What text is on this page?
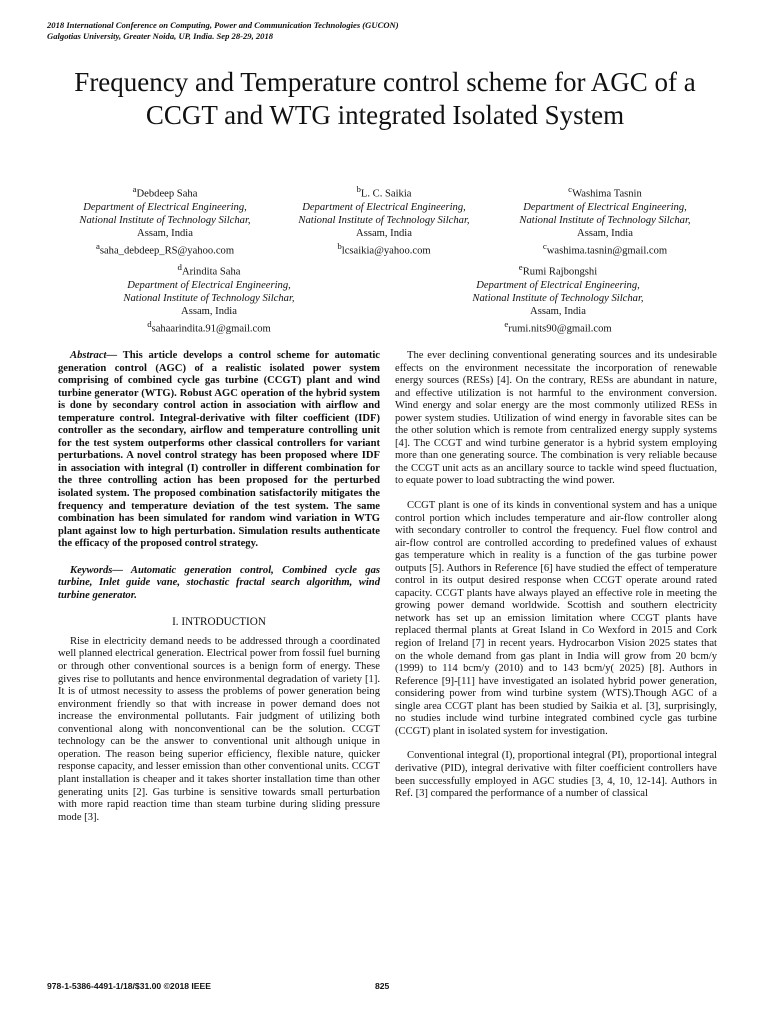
2018 International Conference on Computing, Power and Communication Technologies (GUCON)
Galgotias University, Greater Noida, UP, India. Sep 28-29, 2018
Frequency and Temperature control scheme for AGC of a CCGT and WTG integrated Isolated System
$^a$Debdeep Saha
Department of Electrical Engineering,
National Institute of Technology Silchar,
Assam, India
$^a$saha_debdeep_RS@yahoo.com
$^b$L. C. Saikia
Department of Electrical Engineering,
National Institute of Technology Silchar,
Assam, India
$^b$lcsaikia@yahoo.com
$^c$Washima Tasnin
Department of Electrical Engineering,
National Institute of Technology Silchar,
Assam, India
$^c$washima.tasnin@gmail.com
$^d$Arindita Saha
Department of Electrical Engineering,
National Institute of Technology Silchar,
Assam, India
$^d$sahaarindita.91@gmail.com
$^e$Rumi Rajbongshi
Department of Electrical Engineering,
National Institute of Technology Silchar,
Assam, India
$^e$rumi.nits90@gmail.com

Abstract— This article develops a control scheme for automatic generation control (AGC) of a realistic isolated power system comprising of combined cycle gas turbine (CCGT) plant and wind turbine generator (WTG). Robust AGC operation of the hybrid system is done by secondary control action in association with airflow and temperature control. Integral-derivative with filter coefficient (IDF) controller as the secondary, airflow and temperature controlling unit for the test system outperforms other classical controllers for variant perturbations. A novel control strategy has been proposed where IDF in association with integral (I) controller in different combination for the three controlling action has been proposed for the perturbed isolated system. The proposed combination satisfactorily mitigates the frequency and temperature deviation of the test system. The same combination has been simulated for random wind variation in WTG plant against low to high perturbation. Simulation results authenticate the efficacy of the proposed control strategy.

Keywords— Automatic generation control, Combined cycle gas turbine, Inlet guide vane, stochastic fractal search algorithm, wind turbine generator.

I. INTRODUCTION

Rise in electricity demand needs to be addressed through a coordinated well planned electrical generation. Electrical power from fossil fuel burning or through other conventional sources is a benign form of energy. These gives rise to pollutants and hence environmental degradation of variety [1]. It is of utmost necessity to assess the problems of power generation being environment friendly so that with increase in power demand does not increase the environmental pollutants. Fair judgment of utilizing both conventional along with nonconventional can be the solution. CCGT technology can be the answer to conventional unit although unique in operation. The reason being superior efficiency, flexible nature, quicker response capacity, and lesser emission than other conventional units. CCGT plant installation is cheaper and it takes shorter installation time than other generating units [2]. Gas turbine is sensitive towards small perturbation with more rapid reaction time than steam turbine during sliding pressure mode [3].

The ever declining conventional generating sources and its undesirable effects on the environment necessitate the incorporation of renewable energy sources (RESs) [4]. On the contrary, RESs are abundant in nature, and effective utilization is not harmful to the environment conversion. Wind energy and solar energy are the most commonly utilized RESs in power system studies. Utilization of wind energy in favorable sites can be the other solution which is remote from centralized energy supply systems [4]. The CCGT and wind turbine generator is a hybrid system employing more than one generating source. The combination is very reliable because the CCGT unit acts as an ancillary source to tackle wind speed fluctuation, to equate power to load subtracting the wind power.

CCGT plant is one of its kinds in conventional system and has a unique control portion which includes temperature and air-flow controller along with secondary controller to control the frequency. Fuel flow control and air-flow control are controlled according to predefined values of exhaust gas temperature which in reality is a function of the gas turbine power outputs [5]. Authors in Reference [6] have studied the effect of temperature control in its output desired response when CCGT operate around rated capacity. CCGT plants have always played an effective role in meeting the growing power demand worldwide. Scottish and southern electricity network has set up an emission limitation where CCGT plants have replaced thermal plants at Great Island in Co Wexford in 2015 and Cork region of Ireland [7] in recent years. Hydrocarbon Vision 2025 states that on the whole demand from gas plant in India will grow from 20 bcm/y (1999) to 114 bcm/y (2010) and to 143 bcm/y( 2025) [8]. Authors in Reference [9]-[11] have investigated an isolated hybrid power generation, considering power from wind turbine system (WTS).Though AGC of a single area CCGT plant has been studied by Saikia et al. [3], surprisingly, no studies include wind turbine integrated combined cycle gas turbine (CCGT) plant in isolated system for investigation.

Conventional integral (I), proportional integral (PI), proportional integral derivative (PID), integral derivative with filter coefficient controllers have been successfully employed in AGC studies [3, 4, 10, 12-14]. Authors in Ref. [3] compared the performance of a number of classical

978-1-5386-4491-1/18/$31.00 ©2018 IEEE	825
